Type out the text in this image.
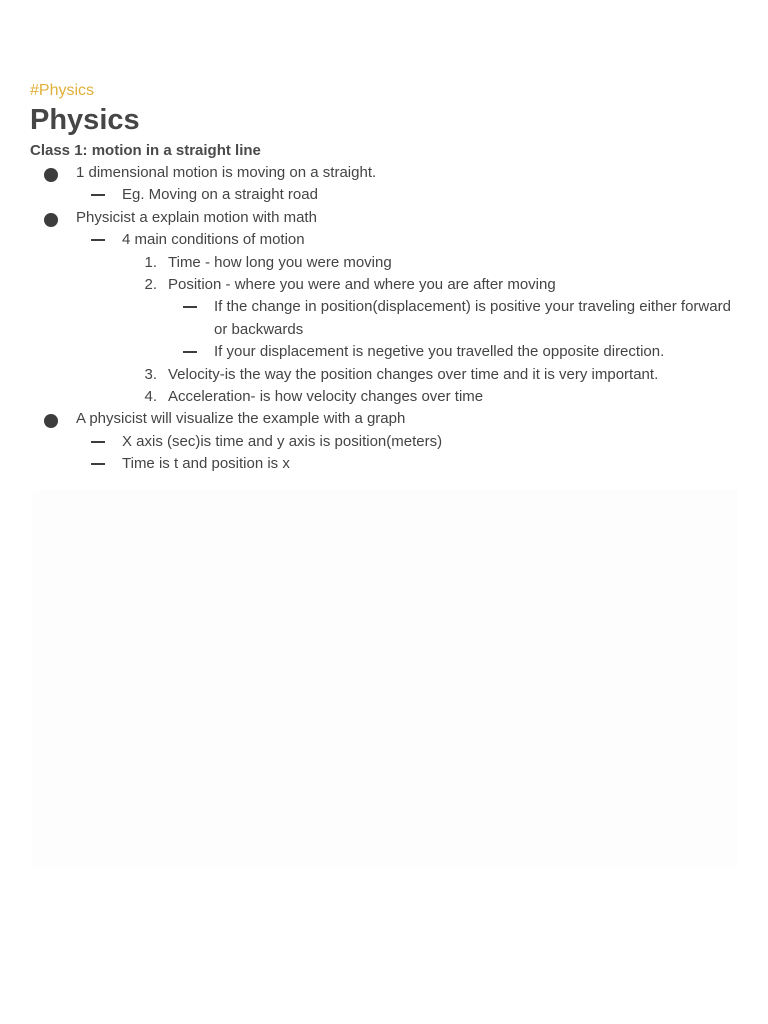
#Physics

Physics

Class 1: motion in a straight line

1 dimensional motion is moving on a straight.
Eg. Moving on a straight road
Physicist a explain motion with math
4 main conditions of motion
1. Time - how long you were moving
2. Position - where you were and where you are after moving
If the change in position(displacement) is positive your traveling either forward or backwards
If your displacement is negetive you travelled the opposite direction.
3. Velocity-is the way the position changes over time and it is very important.
4. Acceleration- is how velocity changes over time
A physicist will visualize the example with a graph
X axis (sec)is time and y axis is position(meters)
Time is t and position is x
